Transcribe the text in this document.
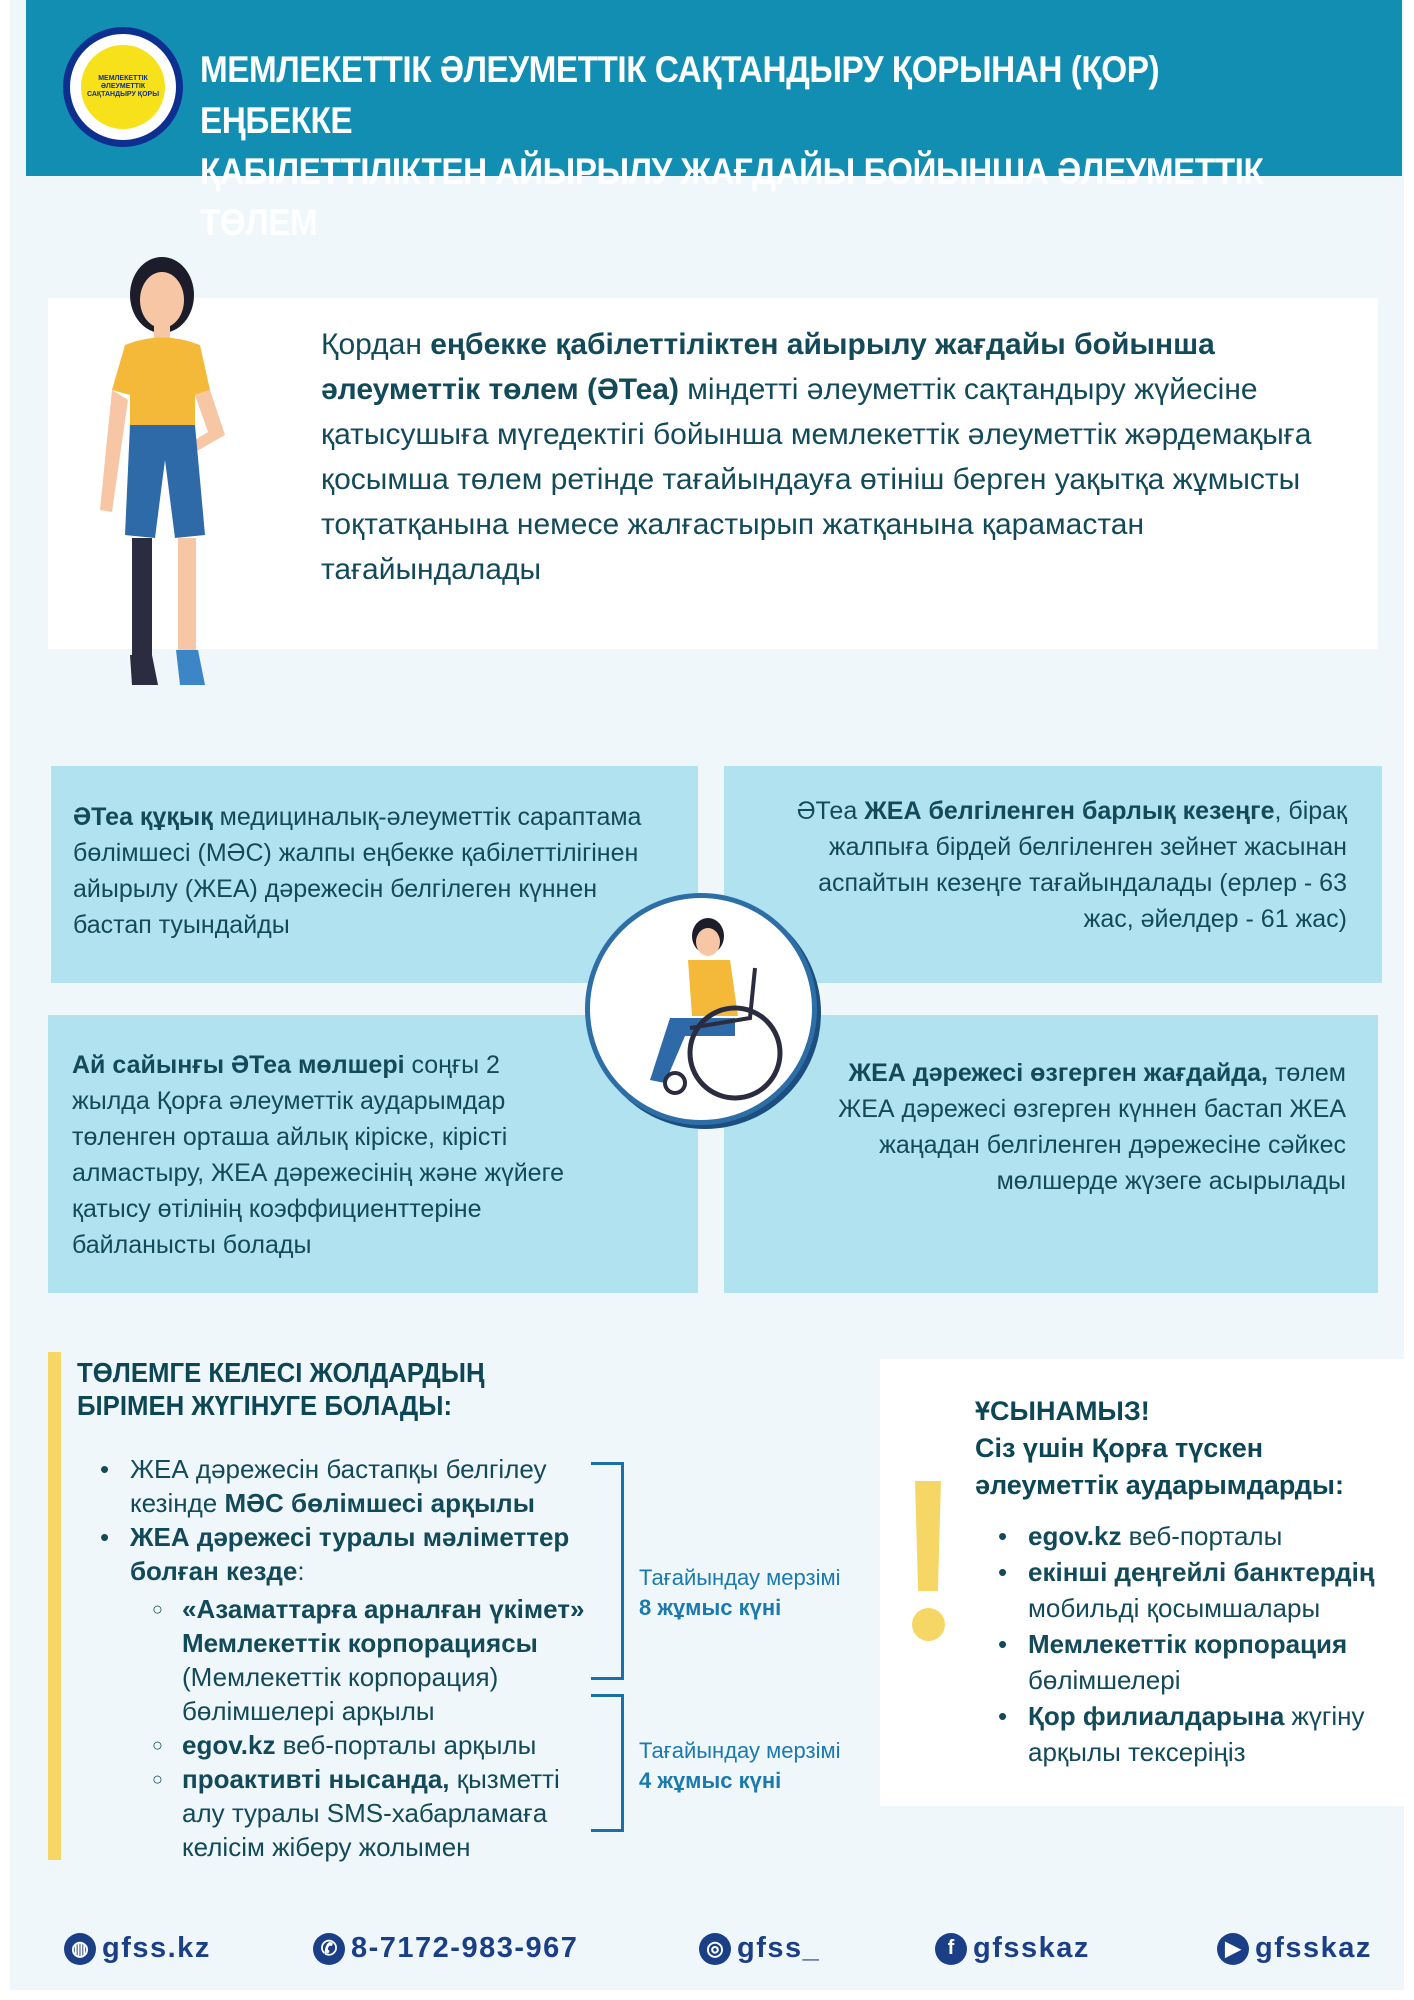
МЕМЛЕКЕТТІК ӘЛЕУМЕТТІК САҚТАНДЫРУ ҚОРЫ
МЕМЛЕКЕТТІК ӘЛЕУМЕТТІК САҚТАНДЫРУ ҚОРЫНАН (ҚОР) ЕҢБЕККЕ
ҚАБІЛЕТТІЛІКТЕН АЙЫРЫЛУ ЖАҒДАЙЫ БОЙЫНША ӘЛЕУМЕТТІК ТӨЛЕМ
Қордан еңбекке қабілеттіліктен айырылу жағдайы бойынша әлеуметтік төлем (ӘТеа) міндетті әлеуметтік сақтандыру жүйесіне қатысушыға мүгедектігі бойынша мемлекеттік әлеуметтік жәрдемақыға қосымша төлем ретінде тағайындауға өтініш берген уақытқа жұмысты тоқтатқанына немесе жалғастырып жатқанына қарамастан тағайындалады

ӘТеа құқық медициналық-әлеуметтік сараптама бөлімшесі (МӘС) жалпы еңбекке қабілеттілігінен айырылу (ЖЕА) дәрежесін белгілеген күннен бастап туындайды

ӘТеа ЖЕА белгіленген барлық кезеңге, бірақ жалпыға бірдей белгіленген зейнет жасынан аспайтын кезеңге тағайындалады (ерлер - 63 жас, әйелдер - 61 жас)

Ай сайынғы ӘТеа мөлшері соңғы 2 жылда Қорға әлеуметтік аударымдар төленген орташа айлық кіріске, кірісті алмастыру, ЖЕА дәрежесінің және жүйеге қатысу өтілінің коэффициенттеріне байланысты болады

ЖЕА дәрежесі өзгерген жағдайда, төлем ЖЕА дәрежесі өзгерген күннен бастап ЖЕА жаңадан белгіленген дәрежесіне сәйкес мөлшерде жүзеге асырылады

ТӨЛЕМГЕ КЕЛЕСІ ЖОЛДАРДЫҢ БІРІМЕН ЖҮГІНУГЕ БОЛАДЫ:
• ЖЕА дәрежесін бастапқы белгілеу кезінде МӘС бөлімшесі арқылы
• ЖЕА дәрежесі туралы мәліметтер болған кезде:
○ «Азаматтарға арналған үкімет» Мемлекеттік корпорациясы (Мемлекеттік корпорация) бөлімшелері арқылы
○ egov.kz веб-порталы арқылы
○ проактивті нысанда, қызметті алу туралы SMS-хабарламаға келісім жіберу жолымен
Тағайындау мерзімі
8 жұмыс күні
Тағайындау мерзімі
4 жұмыс күні
ҰСЫНАМЫЗ!
Сіз үшін Қорға түскен әлеуметтік аударымдарды:
• egov.kz веб-порталы
• екінші деңгейлі банктердің мобильді қосымшалары
• Мемлекеттік корпорация бөлімшелері
• Қор филиалдарына жүгіну арқылы тексеріңіз
◍ gfss.kz	✆ 8-7172-983-967	◎ gfss_	f gfsskaz	▶ gfsskaz
